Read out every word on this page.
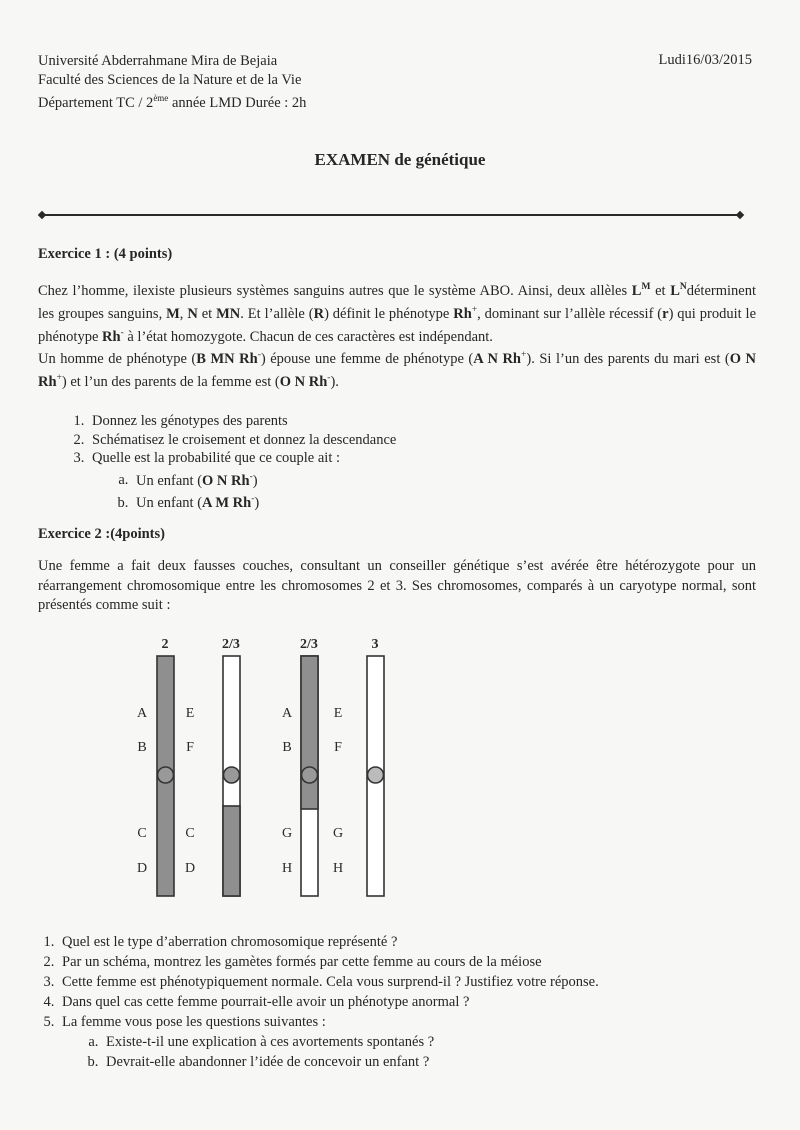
Université Abderrahmane Mira de Bejaia
Faculté des Sciences de la Nature et de la Vie
Département TC / 2ème année LMD Durée : 2h
Ludi16/03/2015
EXAMEN de génétique
Exercice 1 : (4 points)
Chez l’homme, ilexiste plusieurs systèmes sanguins autres que le système ABO. Ainsi, deux allèles $L^M$ et $L^Ndéterminent$ les groupes sanguins, M, N et MN. Et l’allèle (R) définit le phénotype Rh+, dominant sur l’allèle récessif (r) qui produit le phénotype Rh- à l’état homozygote. Chacun de ces caractères est indépendant.
Un homme de phénotype (B MN Rh-) épouse une femme de phénotype (A N Rh+). Si l’un des parents du mari est (O N Rh+) et l’un des parents de la femme est (O N Rh-).
1. Donnez les génotypes des parents
2. Schématisez le croisement et donnez la descendance
3. Quelle est la probabilité que ce couple ait :
a. Un enfant (O N Rh-)
b. Un enfant (A M Rh-)
Exercice 2 :(4points)
Une femme a fait deux fausses couches, consultant un conseiller génétique s’est avérée être hétérozygote pour un réarrangement chromosomique entre les chromosomes 2 et 3. Ses chromosomes, comparés à un caryotype normal, sont présentés comme suit :
2	2/3	2/3	3
A
B
C
D
E
F
C
D
A
B
G
H
E
F
G
H
1. Quel est le type d’aberration chromosomique représenté ?
2. Par un schéma, montrez les gamètes formés par cette femme au cours de la méiose
3. Cette femme est phénotypiquement normale. Cela vous surprend-il ? Justifiez votre réponse.
4. Dans quel cas cette femme pourrait-elle avoir un phénotype anormal ?
5. La femme vous pose les questions suivantes :
a. Existe-t-il une explication à ces avortements spontanés ?
b. Devrait-elle abandonner l’idée de concevoir un enfant ?
